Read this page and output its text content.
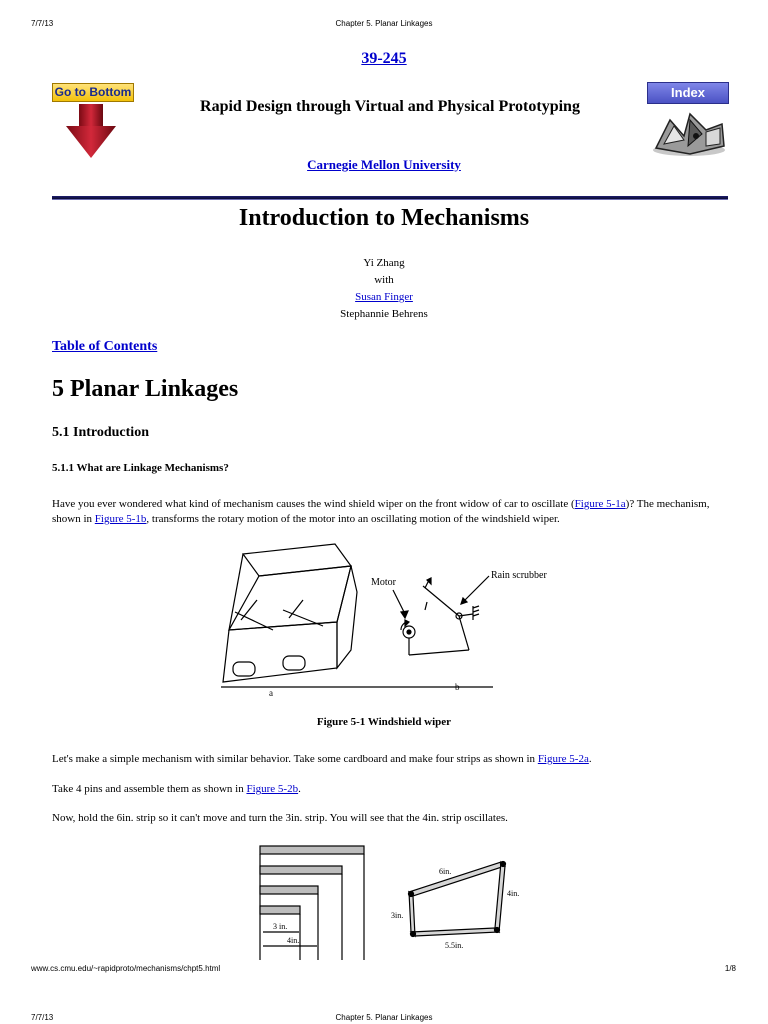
7/7/13	Chapter 5. Planar Linkages
Go to Bottom
39-245
Rapid Design through Virtual and Physical Prototyping
Carnegie Mellon University
Index
Introduction to Mechanisms
Yi Zhang
with
Susan Finger
Stephannie Behrens
Table of Contents
5 Planar Linkages
5.1 Introduction
5.1.1 What are Linkage Mechanisms?
Have you ever wondered what kind of mechanism causes the wind shield wiper on the front widow of car to oscillate (Figure 5-1a)? The mechanism, shown in Figure 5-1b, transforms the rotary motion of the motor into an oscillating motion of the windshield wiper.
Motor
Rain scrubber
a
b
Figure 5-1 Windshield wiper
Let's make a simple mechanism with similar behavior. Take some cardboard and make four strips as shown in Figure 5-2a.
Take 4 pins and assemble them as shown in Figure 5-2b.
Now, hold the 6in. strip so it can't move and turn the 3in. strip. You will see that the 4in. strip oscillates.
3 in.
4in.
6in.
4in.
3in.
5.5in.
www.cs.cmu.edu/~rapidproto/mechanisms/chpt5.html	1/8
7/7/13	Chapter 5. Planar Linkages
